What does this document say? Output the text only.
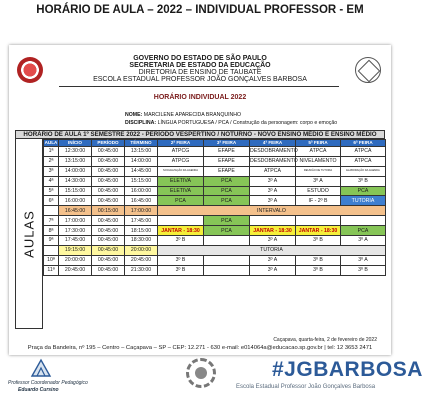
HORÁRIO DE AULA – 2022 – INDIVIDUAL PROFESSOR - EM
GOVERNO DO ESTADO DE SÃO PAULO
SECRETARIA DE ESTADO DA EDUCAÇÃO
DIRETORIA DE ENSINO DE TAUBATÉ
ESCOLA ESTADUAL PROFESSOR JOÃO GONÇALVES BARBOSA
HORÁRIO INDIVIDUAL 2022
NOME: MARCILENE APARECIDA BRANQUINHO
DISCIPLINA: LÍNGUA PORTUGUESA / PCA / Construção da personagem: corpo e emoção
HORÁRIO DE AULA 1º SEMESTRE 2022 - PERÍODO VESPERTINO / NOTURNO - NOVO ENSINO MÉDIO E ENSINO MÉDIO
AULAS
AULA	INÍCIO	PERÍODO	TÉRMINO	2ª FEIRA	3ª FEIRA	4ª FEIRA	5ª FEIRA	6ª FEIRA
1ª	12:30:00	00:45:00	13:15:00	ATPCG	EFAPE	DESDOBRAMENTO	ATPCA	ATPCA
2ª	13:15:00	00:45:00	14:00:00	ATPCG	EFAPE	DESDOBRAMENTO	NIVELAMENTO	ATPCA
3ª	14:00:00	00:45:00	14:45:00	SOCIALIZAÇÃO DA AGENDA	EFAPE	ATPCA	REUNIÃO DE TUTORIA	ELABORAÇÃO DA AGENDA
4ª	14:30:00	00:45:00	15:15:00	ELETIVA	PCA	3º A	3º A	3º B
5ª	15:15:00	00:45:00	16:00:00	ELETIVA	PCA	3º A	ESTUDO	PCA
6ª	16:00:00	00:45:00	16:45:00	PCA	PCA	3º A	IF - 2º B	TUTORIA
	16:45:00	00:15:00	17:00:00	INTERVALO				
7ª	17:00:00	00:45:00	17:45:00		PCA			
8ª	17:30:00	00:45:00	18:15:00	JANTAR - 18:30	PCA	JANTAR - 18:30	JANTAR - 18:30	PCA
9ª	17:45:00	00:45:00	18:30:00	3º B		3º A	3º B	3º A
	19:15:00	00:45:00	20:00:00	TUTORIA				
10ª	20:00:00	00:45:00	20:45:00	3º B		3º A	3º B	3º A
11ª	20:45:00	00:45:00	21:30:00	3º B		3º A	3º B	3º B
Caçapava, quarta-feira, 2 de fevereiro de 2022
Praça da Bandeira, nº 195 – Centro – Caçapava – SP – CEP: 12.271 - 630 e-mail: e014064a@educacao.sp.gov.br | tel: 12 3653 2471
Professor Coordenador Pedagógico
Eduardo Cursino
#JGBARBOSA
Escola Estadual Professor João Gonçalves Barbosa
